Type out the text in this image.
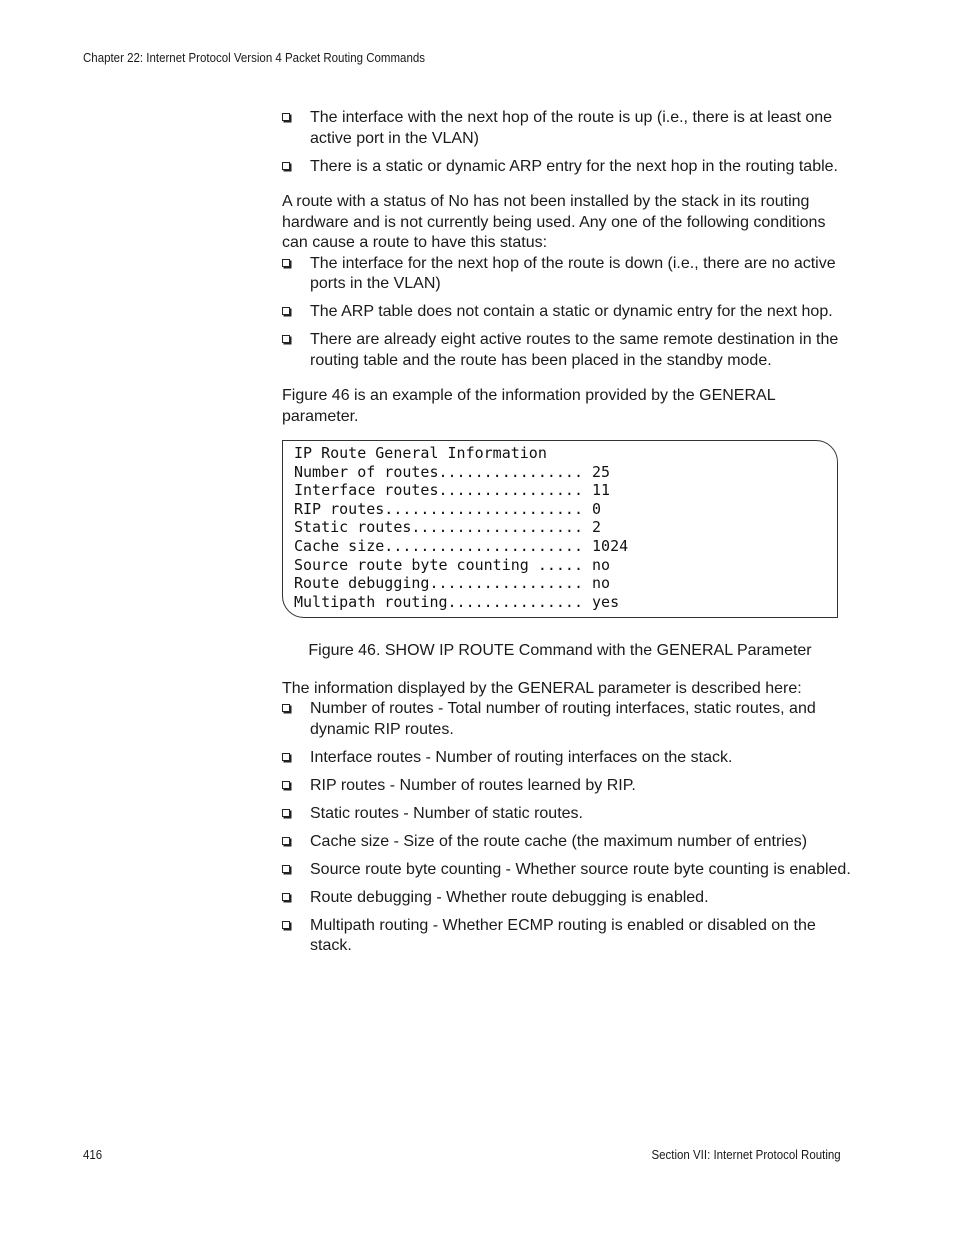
Chapter 22: Internet Protocol Version 4 Packet Routing Commands
The interface with the next hop of the route is up (i.e., there is at least one active port in the VLAN)
There is a static or dynamic ARP entry for the next hop in the routing table.

A route with a status of No has not been installed by the stack in its routing hardware and is not currently being used. Any one of the following conditions can cause a route to have this status:

The interface for the next hop of the route is down (i.e., there are no active ports in the VLAN)
The ARP table does not contain a static or dynamic entry for the next hop.
There are already eight active routes to the same remote destination in the routing table and the route has been placed in the standby mode.

Figure 46 is an example of the information provided by the GENERAL parameter.

IP Route General Information
Number of routes................ 25
Interface routes................ 11
RIP routes...................... 0
Static routes................... 2
Cache size...................... 1024
Source route byte counting ..... no
Route debugging................. no
Multipath routing............... yes
Figure 46. SHOW IP ROUTE Command with the GENERAL Parameter

The information displayed by the GENERAL parameter is described here:

Number of routes - Total number of routing interfaces, static routes, and dynamic RIP routes.
Interface routes - Number of routing interfaces on the stack.
RIP routes - Number of routes learned by RIP.
Static routes - Number of static routes.
Cache size - Size of the route cache (the maximum number of entries)
Source route byte counting - Whether source route byte counting is enabled.
Route debugging - Whether route debugging is enabled.
Multipath routing - Whether ECMP routing is enabled or disabled on the stack.
416	Section VII: Internet Protocol Routing
